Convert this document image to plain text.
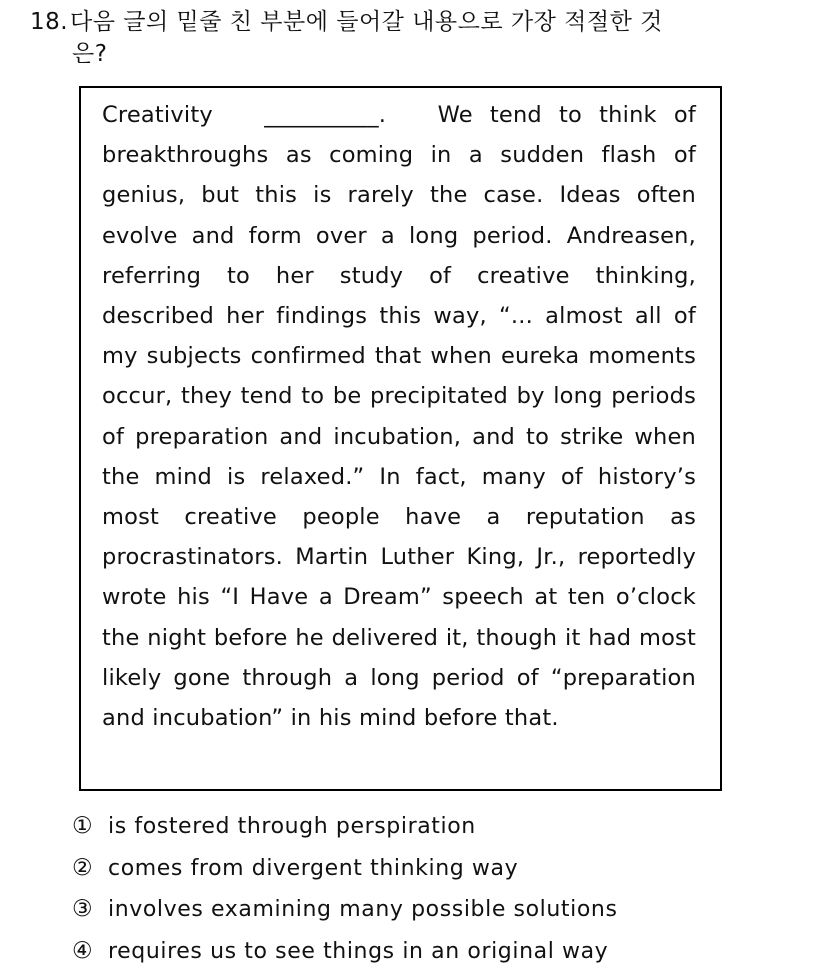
18.다음 글의 밑줄 친 부분에 들어갈 내용으로 가장 적절한 것
은?
Creativity __________. We tend to think of breakthroughs as coming in a sudden flash of genius, but this is rarely the case. Ideas often evolve and form over a long period. Andreasen, referring to her study of creative thinking, described her findings this way, “... almost all of my subjects confirmed that when eureka moments occur, they tend to be precipitated by long periods of preparation and incubation, and to strike when the mind is relaxed.” In fact, many of history’s most creative people have a reputation as procrastinators. Martin Luther King, Jr., reportedly wrote his “I Have a Dream” speech at ten o’clock the night before he delivered it, though it had most likely gone through a long period of “preparation and incubation” in his mind before that.
① is fostered through perspiration
② comes from divergent thinking way
③ involves examining many possible solutions
④ requires us to see things in an original way
